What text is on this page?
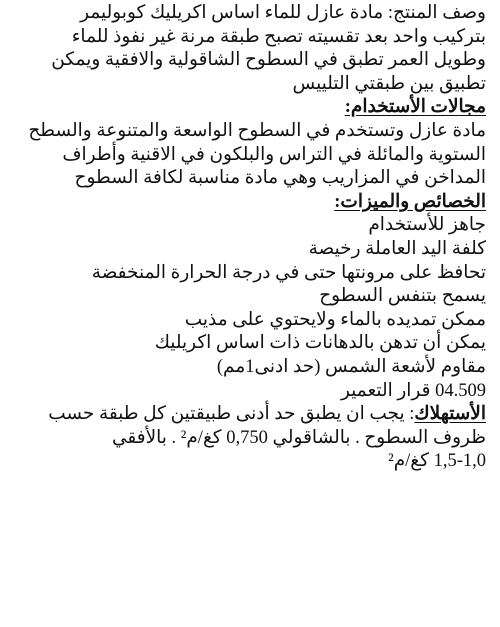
وصف المنتج: مادة عازل للماء اساس اكريليك كوبوليمر
بتركيب واحد بعد تقسيته تصبح طبقة مرنة غير نفوذ للماء
وطويل العمر تطبق في السطوح الشاقولية والافقية ويمكن
تطبيق بين طبقتي التلييس
مجالات الأستخدام:
مادة عازل وتستخدم في السطوح الواسعة والمتنوعة والسطح
الستوية والمائلة في التراس والبلكون في الاقنية وأطراف
المداخن في المزاريب وهي مادة مناسبة لكافة السطوح
الخصائص والميزات:
جاهز للأستخدام
كلفة اليد العاملة رخيصة
تحافظ على مرونتها حتى في درجة الحرارة المنخفضة
يسمح بتنفس السطوح
ممكن تمديده بالماء ولايحتوي على مذيب
يمكن أن تدهن بالدهانات ذات اساس اكريليك
مقاوم لأشعة الشمس (حد ادنى1مم)
04.509 قرار التعمير
الأستهلاك: يجب ان يطبق حد أدنى طبيقتين كل طبقة حسب
ظروف السطوح . بالشاقولي 0,750 كغ/م² . بالأفقي
1,5-1,0 كغ/م²
